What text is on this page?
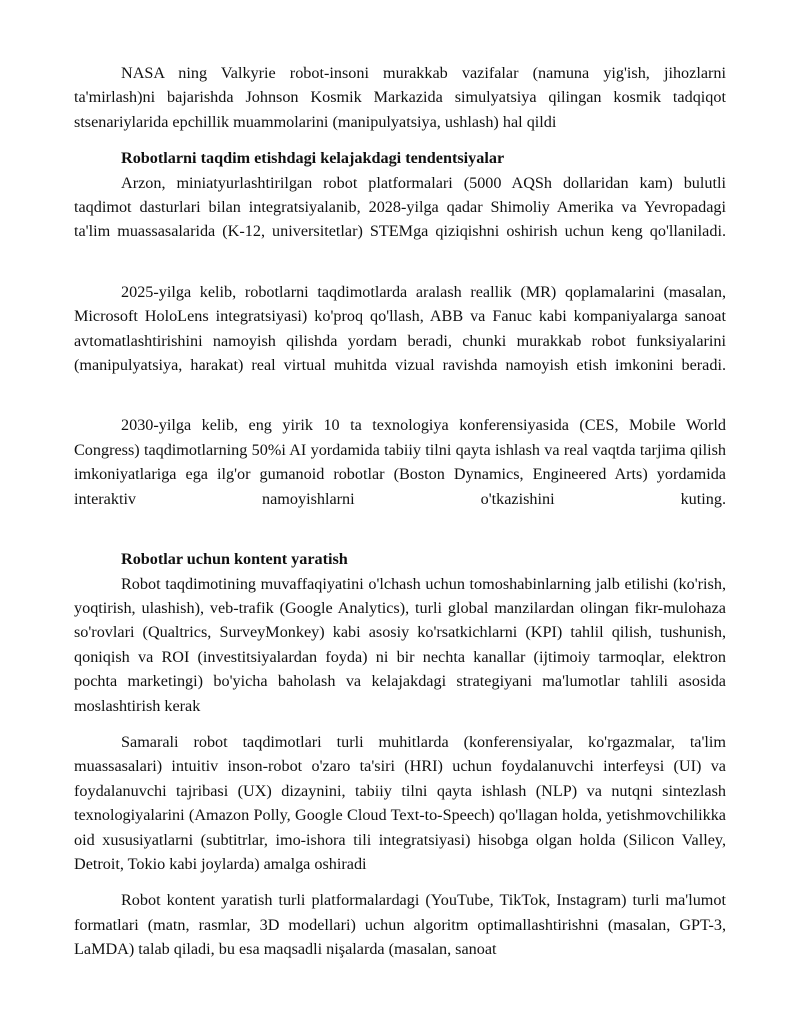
NASA ning Valkyrie robot-insoni murakkab vazifalar (namuna yig'ish, jihozlarni ta'mirlash)ni bajarishda Johnson Kosmik Markazida simulyatsiya qilingan kosmik tadqiqot stsenariylarida epchillik muammolarini (manipulyatsiya, ushlash) hal qildi

Robotlarni taqdim etishdagi kelajakdagi tendentsiyalar

Arzon, miniatyurlashtirilgan robot platformalari (5000 AQSh dollaridan kam) bulutli taqdimot dasturlari bilan integratsiyalanib, 2028-yilga qadar Shimoliy Amerika va Yevropadagi ta'lim muassasalarida (K-12, universitetlar) STEMga qiziqishni oshirish uchun keng qo'llaniladi.

2025-yilga kelib, robotlarni taqdimotlarda aralash reallik (MR) qoplamalarini (masalan, Microsoft HoloLens integratsiyasi) ko'proq qo'llash, ABB va Fanuc kabi kompaniyalarga sanoat avtomatlashtirishini namoyish qilishda yordam beradi, chunki murakkab robot funksiyalarini (manipulyatsiya, harakat) real virtual muhitda vizual ravishda namoyish etish imkonini beradi.

2030-yilga kelib, eng yirik 10 ta texnologiya konferensiyasida (CES, Mobile World Congress) taqdimotlarning 50%i AI yordamida tabiiy tilni qayta ishlash va real vaqtda tarjima qilish imkoniyatlariga ega ilg'or gumanoid robotlar (Boston Dynamics, Engineered Arts) yordamida interaktiv namoyishlarni o'tkazishini kuting.

Robotlar uchun kontent yaratish

Robot taqdimotining muvaffaqiyatini o'lchash uchun tomoshabinlarning jalb etilishi (ko'rish, yoqtirish, ulashish), veb-trafik (Google Analytics), turli global manzilardan olingan fikr-mulohaza so'rovlari (Qualtrics, SurveyMonkey) kabi asosiy ko'rsatkichlarni (KPI) tahlil qilish, tushunish, qoniqish va ROI (investitsiyalardan foyda) ni bir nechta kanallar (ijtimoiy tarmoqlar, elektron pochta marketingi) bo'yicha baholash va kelajakdagi strategiyani ma'lumotlar tahlili asosida moslashtirish kerak

Samarali robot taqdimotlari turli muhitlarda (konferensiyalar, ko'rgazmalar, ta'lim muassasalari) intuitiv inson-robot o'zaro ta'siri (HRI) uchun foydalanuvchi interfeysi (UI) va foydalanuvchi tajribasi (UX) dizaynini, tabiiy tilni qayta ishlash (NLP) va nutqni sintezlash texnologiyalarini (Amazon Polly, Google Cloud Text-to-Speech) qo'llagan holda, yetishmovchilikka oid xususiyatlarni (subtitrlar, imo-ishora tili integratsiyasi) hisobga olgan holda (Silicon Valley, Detroit, Tokio kabi joylarda) amalga oshiradi

Robot kontent yaratish turli platformalardagi (YouTube, TikTok, Instagram) turli ma'lumot formatlari (matn, rasmlar, 3D modellari) uchun algoritm optimallashtirishni (masalan, GPT-3, LaMDA) talab qiladi, bu esa maqsadli nişalarda (masalan, sanoat
